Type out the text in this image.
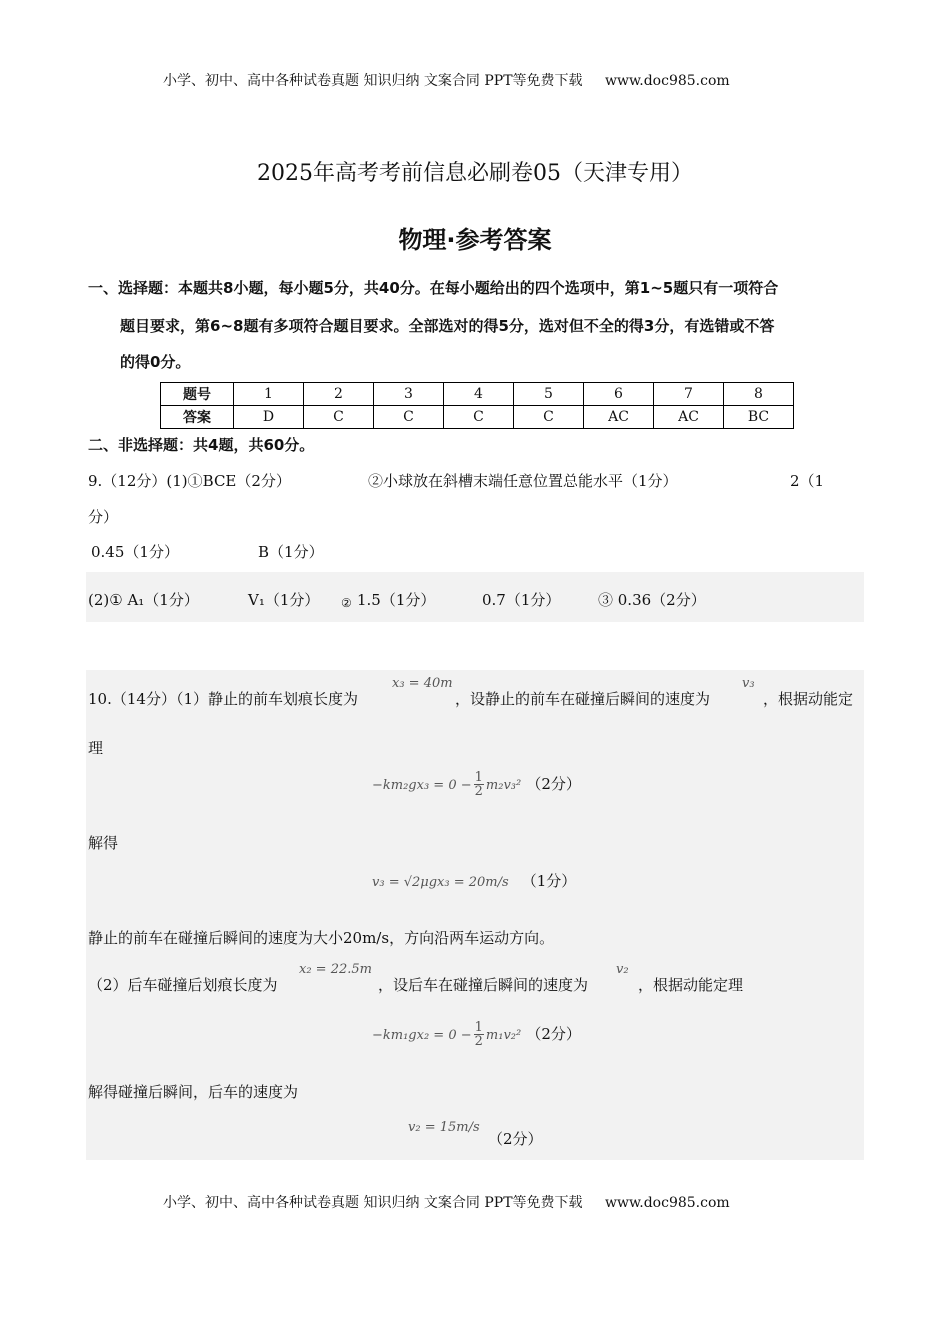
小学、初中、高中各种试卷真题 知识归纳 文案合同 PPT等免费下载 www.doc985.com
2025年高考考前信息必刷卷05（天津专用）
物理·参考答案
一、选择题：本题共8小题，每小题5分，共40分。在每小题给出的四个选项中，第1~5题只有一项符合
题目要求，第6~8题有多项符合题目要求。全部选对的得5分，选对但不全的得3分，有选错或不答
的得0分。
题号	1	2	3	4	5	6	7	8
答案	D	C	C	C	C	AC	AC	BC
二、非选择题：共4题，共60分。
9.（12分）(1)①BCE（2分）	②小球放在斜槽末端任意位置总能水平（1分）	2（1
分）
0.45（1分）	B（1分）
(2)① A₁（1分）	V₁（1分） ② 1.5（1分）	0.7（1分）	③ 0.36（2分）
10.（14分）（1）静止的前车划痕长度为
x₃ = 40m
，设静止的前车在碰撞后瞬间的速度为
v₃
，根据动能定
理
$-km_2gx_3 = 0 - \frac{1}{2} m_2v_3^2$ （2分）
解得
v₃ = √2μgx₃ = 20m/s （1分）
静止的前车在碰撞后瞬间的速度为大小20m/s，方向沿两车运动方向。
（2）后车碰撞后划痕长度为
x₂ = 22.5m
，设后车在碰撞后瞬间的速度为
v₂
，根据动能定理
$-km_1gx_2 = 0 - \frac{1}{2} m_1v_2^2$ （2分）
解得碰撞后瞬间，后车的速度为
v₂ = 15m/s
（2分）
小学、初中、高中各种试卷真题 知识归纳 文案合同 PPT等免费下载 www.doc985.com
